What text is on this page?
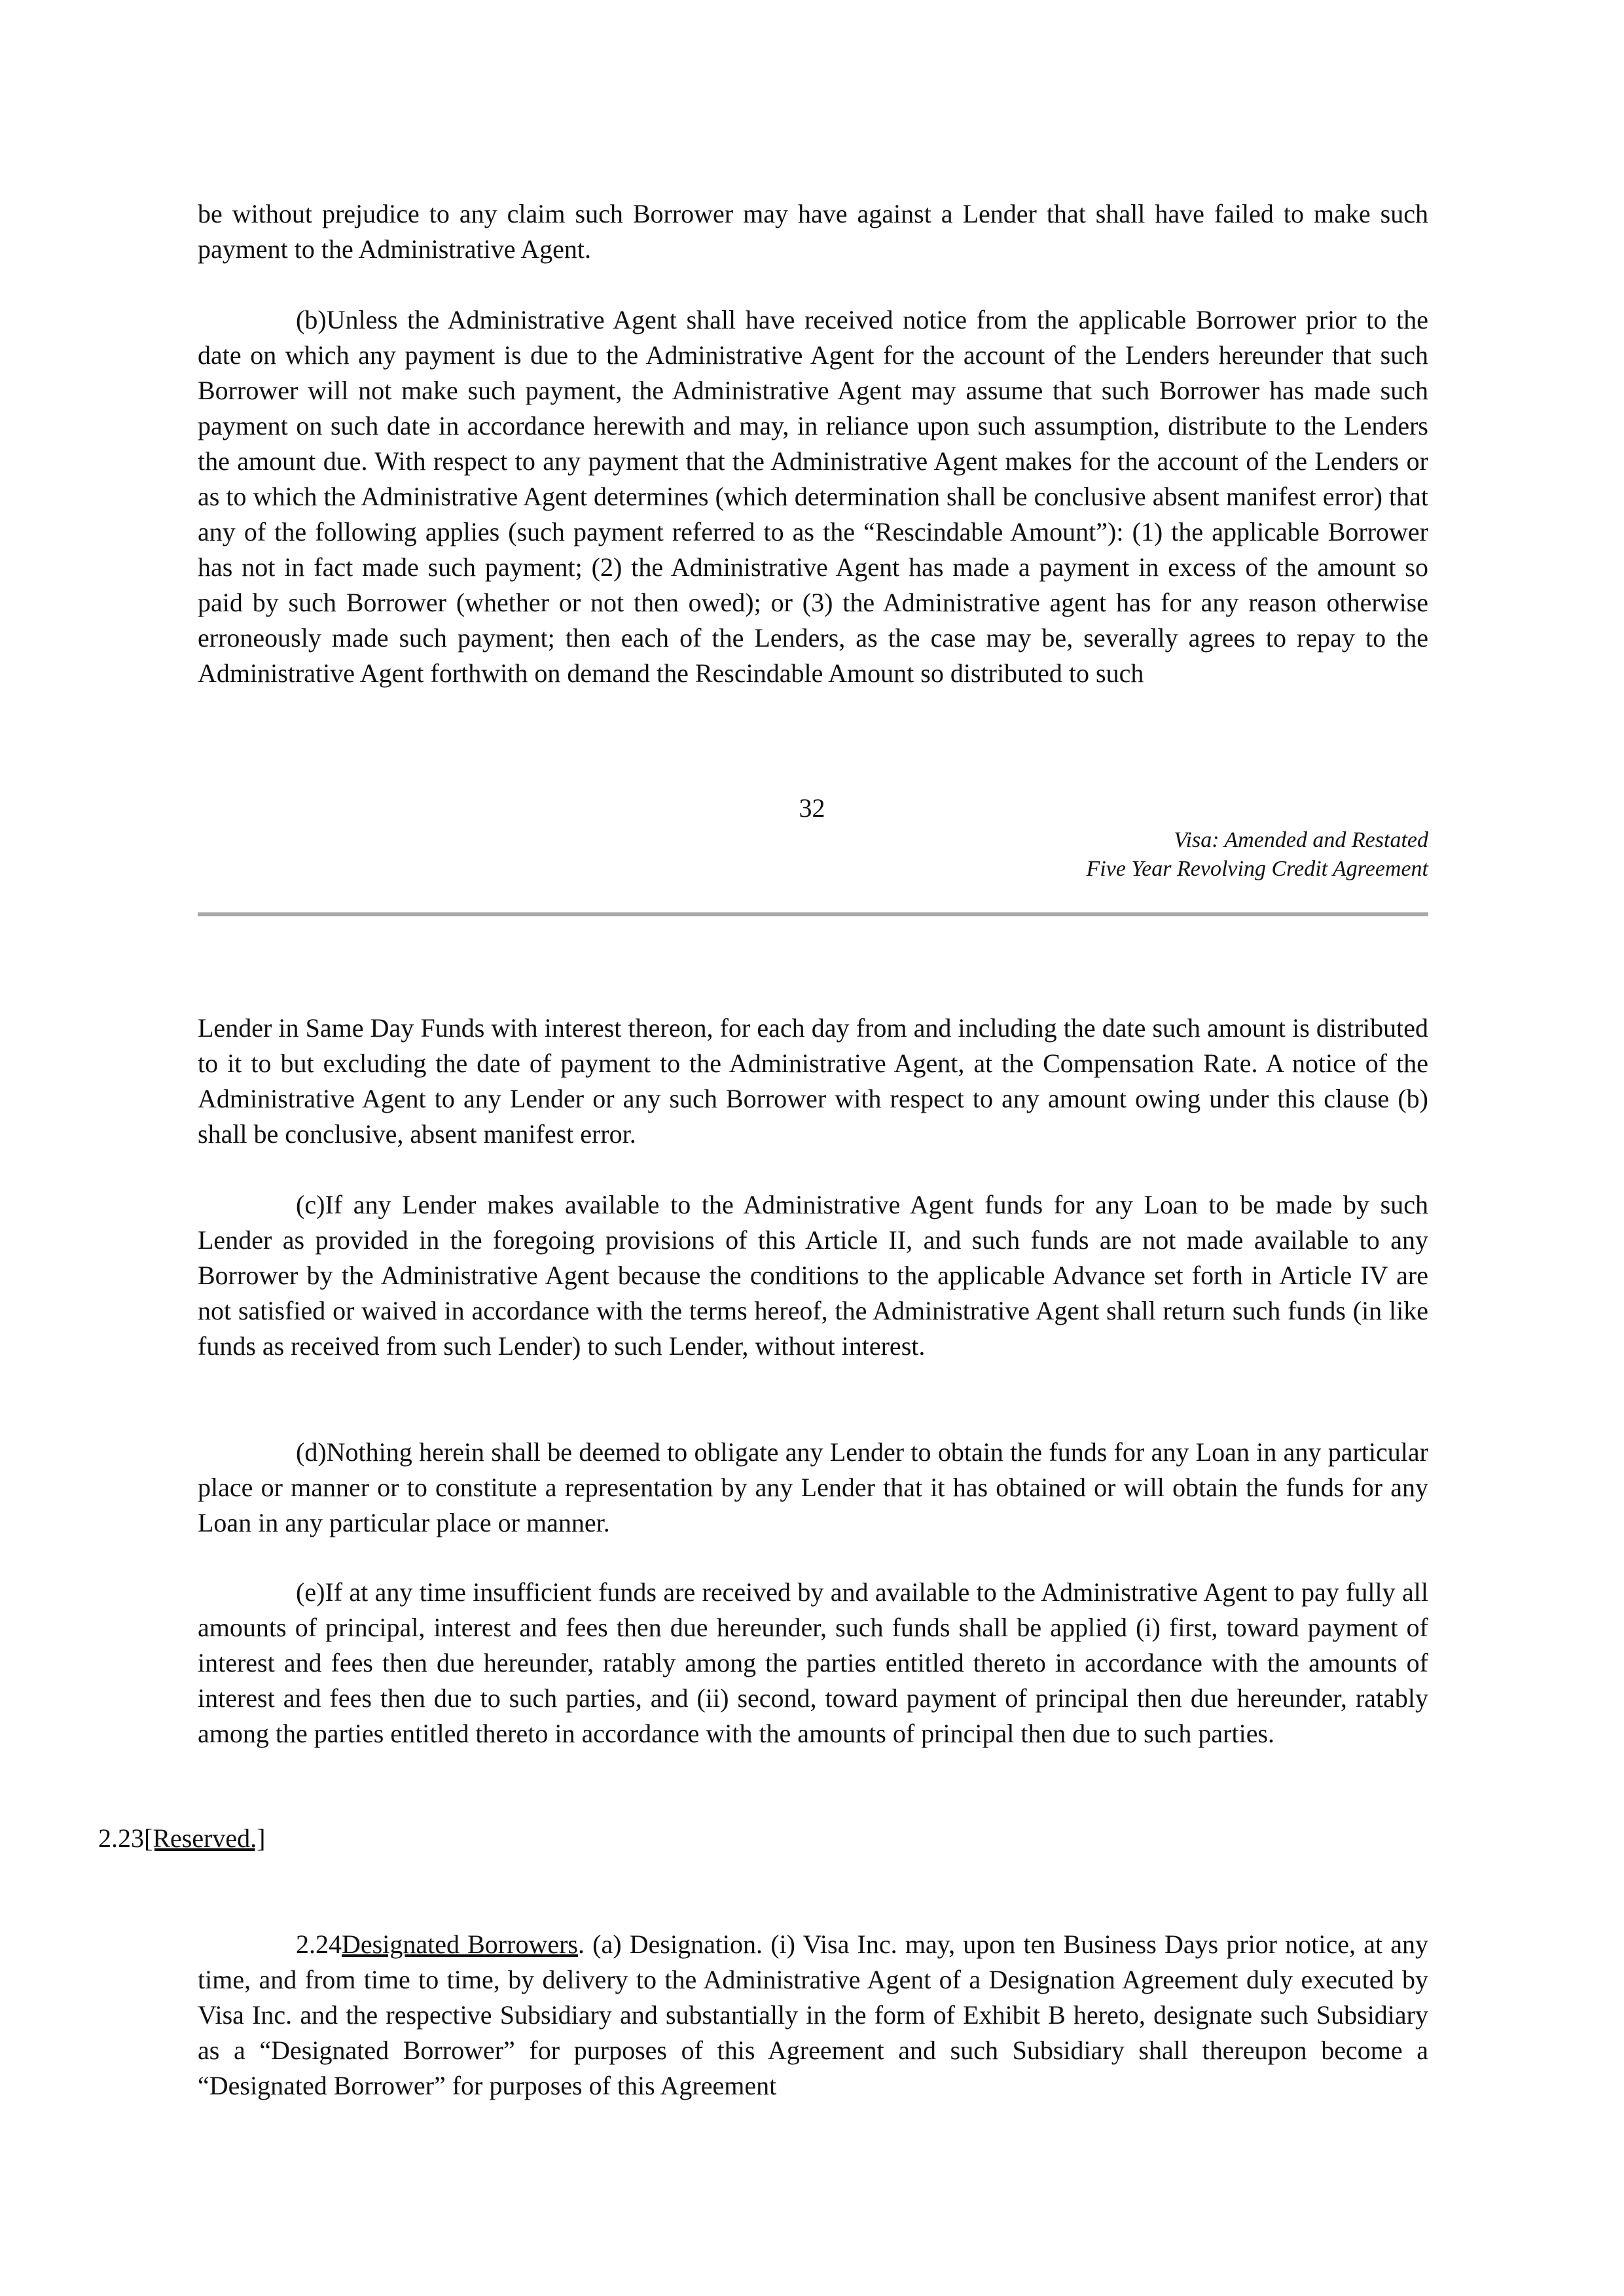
be without prejudice to any claim such Borrower may have against a Lender that shall have failed to make such payment to the Administrative Agent.

(b)Unless the Administrative Agent shall have received notice from the applicable Borrower prior to the date on which any payment is due to the Administrative Agent for the account of the Lenders hereunder that such Borrower will not make such payment, the Administrative Agent may assume that such Borrower has made such payment on such date in accordance herewith and may, in reliance upon such assumption, distribute to the Lenders the amount due. With respect to any payment that the Administrative Agent makes for the account of the Lenders or as to which the Administrative Agent determines (which determination shall be conclusive absent manifest error) that any of the following applies (such payment referred to as the “Rescindable Amount”): (1) the applicable Borrower has not in fact made such payment; (2) the Administrative Agent has made a payment in excess of the amount so paid by such Borrower (whether or not then owed); or (3) the Administrative agent has for any reason otherwise erroneously made such payment; then each of the Lenders, as the case may be, severally agrees to repay to the Administrative Agent forthwith on demand the Rescindable Amount so distributed to such

32
Visa: Amended and Restated
Five Year Revolving Credit Agreement

Lender in Same Day Funds with interest thereon, for each day from and including the date such amount is distributed to it to but excluding the date of payment to the Administrative Agent, at the Compensation Rate. A notice of the Administrative Agent to any Lender or any such Borrower with respect to any amount owing under this clause (b) shall be conclusive, absent manifest error.

(c)If any Lender makes available to the Administrative Agent funds for any Loan to be made by such Lender as provided in the foregoing provisions of this Article II, and such funds are not made available to any Borrower by the Administrative Agent because the conditions to the applicable Advance set forth in Article IV are not satisfied or waived in accordance with the terms hereof, the Administrative Agent shall return such funds (in like funds as received from such Lender) to such Lender, without interest.

(d)Nothing herein shall be deemed to obligate any Lender to obtain the funds for any Loan in any particular place or manner or to constitute a representation by any Lender that it has obtained or will obtain the funds for any Loan in any particular place or manner.

(e)If at any time insufficient funds are received by and available to the Administrative Agent to pay fully all amounts of principal, interest and fees then due hereunder, such funds shall be applied (i) first, toward payment of interest and fees then due hereunder, ratably among the parties entitled thereto in accordance with the amounts of interest and fees then due to such parties, and (ii) second, toward payment of principal then due hereunder, ratably among the parties entitled thereto in accordance with the amounts of principal then due to such parties.

2.23[Reserved.]

2.24Designated Borrowers. (a) Designation. (i) Visa Inc. may, upon ten Business Days prior notice, at any time, and from time to time, by delivery to the Administrative Agent of a Designation Agreement duly executed by Visa Inc. and the respective Subsidiary and substantially in the form of Exhibit B hereto, designate such Subsidiary as a “Designated Borrower” for purposes of this Agreement and such Subsidiary shall thereupon become a “Designated Borrower” for purposes of this Agreement
